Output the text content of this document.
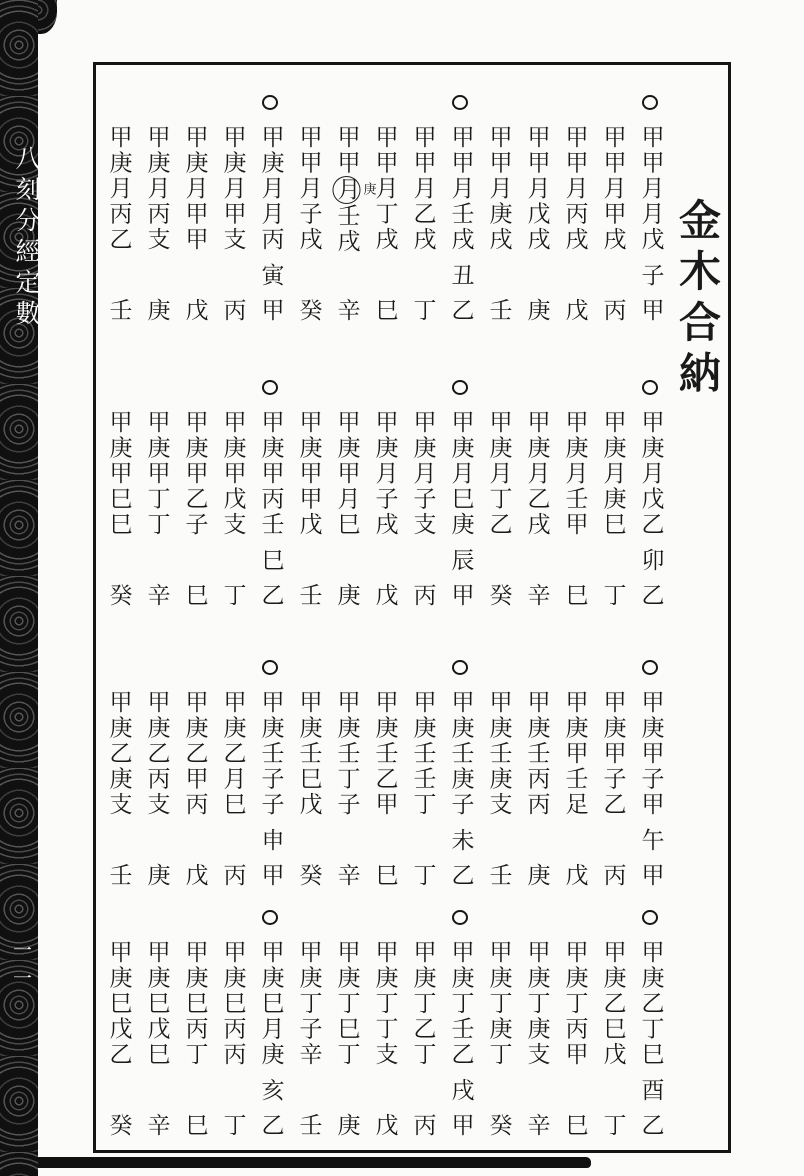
八刻分經定數
一一
金木合納
甲甲月月戊
子
甲
甲甲月甲戌
丙
甲甲月丙戌
戊
甲甲月戊戌
庚
甲甲月庚戌
壬
甲甲月壬戌
丑
乙
甲甲月乙戌
丁
甲甲月丁戌
巳
甲甲月 庚
壬戌
辛
甲甲月子戌
癸
甲庚月月丙
寅
甲
甲庚月甲支
丙
甲庚月甲甲
戊
甲庚月丙支
庚
甲庚月丙乙
壬
甲庚月戊乙
卯
乙
甲庚月庚巳
丁
甲庚月壬甲
巳
甲庚月乙戌
辛
甲庚月丁乙
癸
甲庚月巳庚
辰
甲
甲庚月子支
丙
甲庚月子戌
戊
甲庚甲月巳
庚
甲庚甲甲戊
壬
甲庚甲丙壬
巳
乙
甲庚甲戊支
丁
甲庚甲乙子
巳
甲庚甲丁丁
辛
甲庚甲巳巳
癸
甲庚甲子甲
午
甲
甲庚甲子乙
丙
甲庚甲壬足
戊
甲庚壬丙丙
庚
甲庚壬庚支
壬
甲庚壬庚子
未
乙
甲庚壬壬丁
丁
甲庚壬乙甲
巳
甲庚壬丁子
辛
甲庚壬巳戊
癸
甲庚壬子子
申
甲
甲庚乙月巳
丙
甲庚乙甲丙
戊
甲庚乙丙支
庚
甲庚乙庚支
壬
甲庚乙丁巳
酉
乙
甲庚乙巳戊
丁
甲庚丁丙甲
巳
甲庚丁庚支
辛
甲庚丁庚丁
癸
甲庚丁壬乙
戌
甲
甲庚丁乙丁
丙
甲庚丁丁支
戊
甲庚丁巳丁
庚
甲庚丁子辛
壬
甲庚巳月庚
亥
乙
甲庚巳丙丙
丁
甲庚巳丙丁
巳
甲庚巳戊巳
辛
甲庚巳戊乙
癸
